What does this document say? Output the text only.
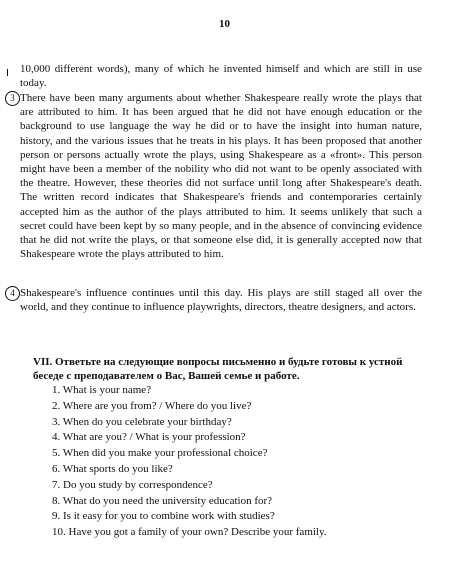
10

10,000 different words), many of which he invented himself and which are still in use today.

3 There have been many arguments about whether Shakespeare really wrote the plays that are attributed to him. It has been argued that he did not have enough education or the background to use language the way he did or to have the insight into human nature, history, and the various issues that he treats in his plays. It has been proposed that another person or persons actually wrote the plays, using Shakespeare as a «front». This person might have been a member of the nobility who did not want to be openly associated with the theatre. However, these theories did not surface until long after Shakespeare's death. The written record indicates that Shakespeare's friends and contemporaries certainly accepted him as the author of the plays attributed to him. It seems unlikely that such a secret could have been kept by so many people, and in the absence of convincing evidence that he did not write the plays, or that someone else did, it is generally accepted now that Shakespeare wrote the plays attributed to him.

4 Shakespeare's influence continues until this day. His plays are still staged all over the world, and they continue to influence playwrights, directors, theatre designers, and actors.

VII. Ответьте на следующие вопросы письменно и будьте готовы к устной беседе с преподавателем о Вас, Вашей семье и работе.
1. What is your name?
2. Where are you from? / Where do you live?
3. When do you celebrate your birthday?
4. What are you? / What is your profession?
5. When did you make your professional choice?
6. What sports do you like?
7. Do you study by correspondence?
8. What do you need the university education for?
9. Is it easy for you to combine work with studies?
10. Have you got a family of your own? Describe your family.
